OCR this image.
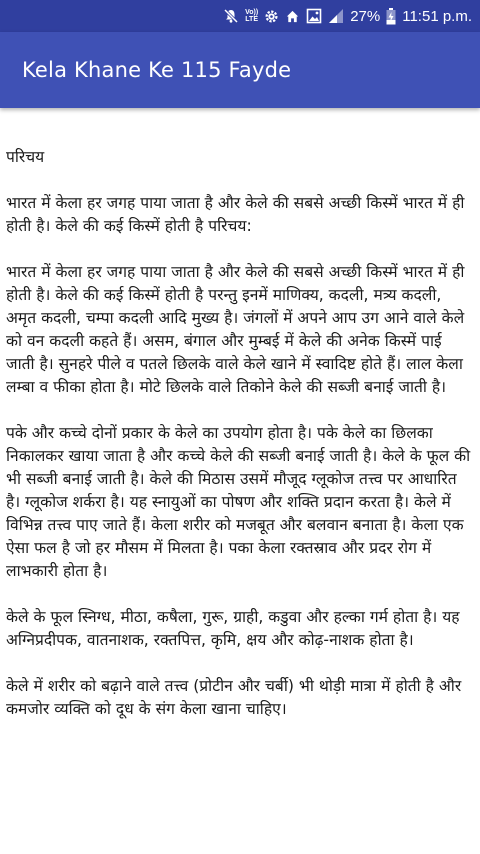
Vo))
LTE	27% 11:51 p.m.
Kela Khane Ke 115 Fayde

परिचय

भारत में केला हर जगह पाया जाता है और केले की सबसे अच्छी किस्में भारत में ही होती है। केले की कई किस्में होती है परिचय:

भारत में केला हर जगह पाया जाता है और केले की सबसे अच्छी किस्में भारत में ही होती है। केले की कई किस्में होती है परन्तु इनमें माणिक्य, कदली, मत्र्य कदली, अमृत कदली, चम्पा कदली आदि मुख्य है। जंगलों में अपने आप उग आने वाले केले को वन कदली कहते हैं। असम, बंगाल और मुम्बई में केले की अनेक किस्में पाई जाती है। सुनहरे पीले व पतले छिलके वाले केले खाने में स्वादिष्ट होते हैं। लाल केला लम्बा व फीका होता है। मोटे छिलके वाले तिकोने केले की सब्जी बनाई जाती है।

पके और कच्चे दोनों प्रकार के केले का उपयोग होता है। पके केले का छिलका निकालकर खाया जाता है और कच्चे केले की सब्जी बनाई जाती है। केले के फूल की भी सब्जी बनाई जाती है। केले की मिठास उसमें मौजूद ग्लूकोज तत्त्व पर आधारित है। ग्लूकोज शर्करा है। यह स्नायुओं का पोषण और शक्ति प्रदान करता है। केले में विभिन्न तत्त्व पाए जाते हैं। केला शरीर को मजबूत और बलवान बनाता है। केला एक ऐसा फल है जो हर मौसम में मिलता है। पका केला रक्तस्राव और प्रदर रोग में लाभकारी होता है।

केले के फूल स्निग्ध, मीठा, कषैला, गुरू, ग्राही, कडुवा और हल्का गर्म होता है। यह अग्निप्रदीपक, वातनाशक, रक्तपित्त, कृमि, क्षय और कोढ़-नाशक होता है।

केले में शरीर को बढ़ाने वाले तत्त्व (प्रोटीन और चर्बी) भी थोड़ी मात्रा में होती है और कमजोर व्यक्ति को दूध के संग केला खाना चाहिए।
